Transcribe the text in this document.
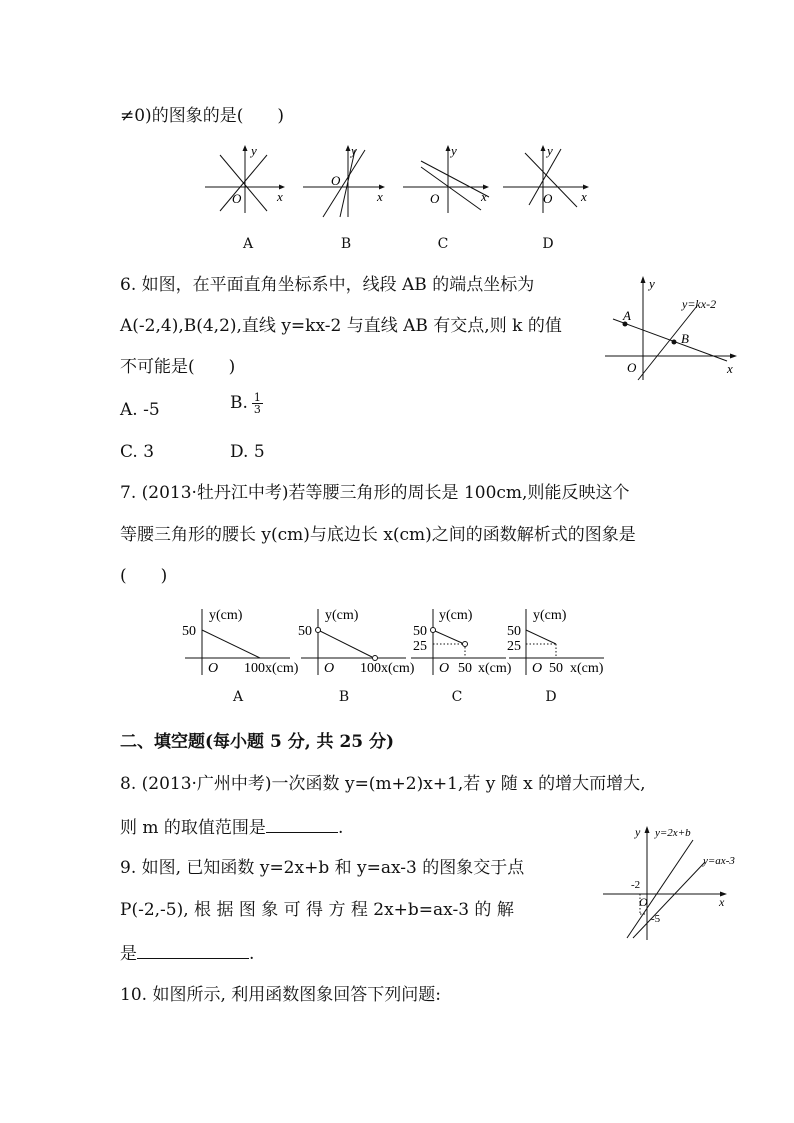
≠0)的图象的是(　　)
y
x
O
y
x
O
y
x
O
y
x
O
A	B	C	D
6. 如图，在平面直角坐标系中，线段 AB 的端点坐标为
A(-2,4),B(4,2),直线 y=kx-2 与直线 AB 有交点,则 k 的值
不可能是(　　)
A. -5	B. $\frac{1}{3}$
C. 3	D. 5
y
x
O
y=kx-2
A
B
7. (2013·牡丹江中考)若等腰三角形的周长是 100cm,则能反映这个
等腰三角形的腰长 y(cm)与底边长 x(cm)之间的函数解析式的图象是
(　　)
y(cm)
50
O 100x(cm)
y(cm)
50
O 100x(cm)
y(cm)
50
25
O 50 x(cm)
y(cm)
50
25
O 50 x(cm)
A	B	C	D
二、填空题(每小题 5 分, 共 25 分)
8. (2013·广州中考)一次函数 y=(m+2)x+1,若 y 随 x 的增大而增大,
则 m 的取值范围是	.
9. 如图, 已知函数 y=2x+b 和 y=ax-3 的图象交于点
P(-2,-5), 根 据 图 象 可 得 方 程 2x+b=ax-3 的 解
是	.
y
x
O
y=2x+b
y=ax-3
-2
-5
10. 如图所示, 利用函数图象回答下列问题:
